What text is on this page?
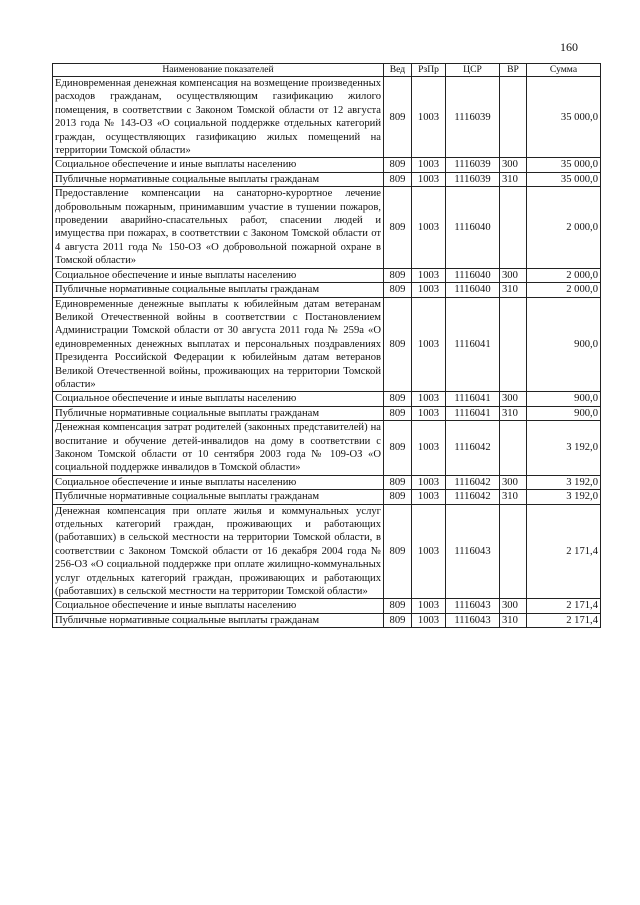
160
Наименование показателей	Вед	РзПр	ЦСР	ВР	Сумма
Единовременная денежная компенсация на возмещение произведенных расходов гражданам, осуществляющим газификацию жилого помещения, в соответствии с Законом Томской области от 12 августа 2013 года № 143-ОЗ «О социальной поддержке отдельных категорий граждан, осуществляющих газификацию жилых помещений на территории Томской области»	809	1003	1116039		35 000,0
Социальное обеспечение и иные выплаты населению	809	1003	1116039	300	35 000,0
Публичные нормативные социальные выплаты гражданам	809	1003	1116039	310	35 000,0
Предоставление компенсации на санаторно-курортное лечение добровольным пожарным, принимавшим участие в тушении пожаров, проведении аварийно-спасательных работ, спасении людей и имущества при пожарах, в соответствии с Законом Томской области от 4 августа 2011 года № 150-ОЗ «О добровольной пожарной охране в Томской области»	809	1003	1116040		2 000,0
Социальное обеспечение и иные выплаты населению	809	1003	1116040	300	2 000,0
Публичные нормативные социальные выплаты гражданам	809	1003	1116040	310	2 000,0
Единовременные денежные выплаты к юбилейным датам ветеранам Великой Отечественной войны в соответствии с Постановлением Администрации Томской области от 30 августа 2011 года № 259а «О единовременных денежных выплатах и персональных поздравлениях Президента Российской Федерации к юбилейным датам ветеранов Великой Отечественной войны, проживающих на территории Томской области»	809	1003	1116041		900,0
Социальное обеспечение и иные выплаты населению	809	1003	1116041	300	900,0
Публичные нормативные социальные выплаты гражданам	809	1003	1116041	310	900,0
Денежная компенсация затрат родителей (законных представителей) на воспитание и обучение детей-инвалидов на дому в соответствии с Законом Томской области от 10 сентября 2003 года № 109-ОЗ «О социальной поддержке инвалидов в Томской области»	809	1003	1116042		3 192,0
Социальное обеспечение и иные выплаты населению	809	1003	1116042	300	3 192,0
Публичные нормативные социальные выплаты гражданам	809	1003	1116042	310	3 192,0
Денежная компенсация при оплате жилья и коммунальных услуг отдельных категорий граждан, проживающих и работающих (работавших) в сельской местности на территории Томской области, в соответствии с Законом Томской области от 16 декабря 2004 года № 256-ОЗ «О социальной поддержке при оплате жилищно-коммунальных услуг отдельных категорий граждан, проживающих и работающих (работавших) в сельской местности на территории Томской области»	809	1003	1116043		2 171,4
Социальное обеспечение и иные выплаты населению	809	1003	1116043	300	2 171,4
Публичные нормативные социальные выплаты гражданам	809	1003	1116043	310	2 171,4
